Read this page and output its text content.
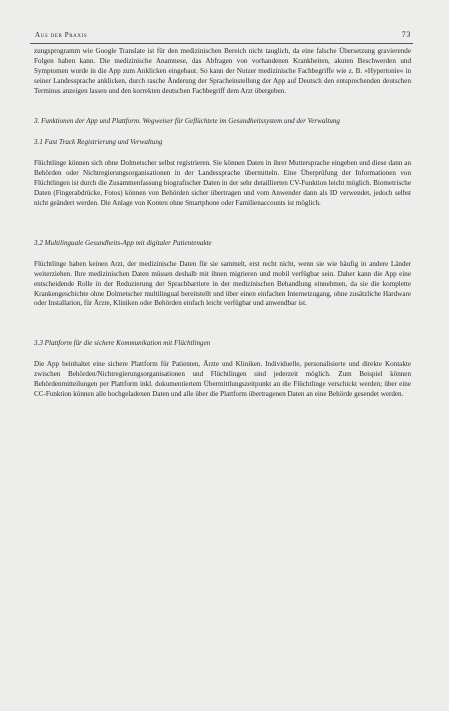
Aus der Praxis	73

zungsprogramm wie Google Translate ist für den medizinischen Bereich nicht tauglich, da eine falsche Übersetzung gravierende Folgen haben kann. Die medizinische Anamnese, das Abfragen von vorhandenen Krankheiten, akuten Beschwerden und Symptomen wurde in die App zum Anklicken eingebaut. So kann der Nutzer medizinische Fachbegriffe wie z. B. »Hypertonie« in seiner Landessprache anklicken, durch rasche Änderung der Spracheinstellung der App auf Deutsch den entsprechenden deutschen Terminus anzeigen lassen und den korrekten deutschen Fachbegriff dem Arzt übergeben.

3. Funktionen der App und Plattform. Wegweiser für Geflüchtete im Gesundheitssystem und der Verwaltung

3.1 Fast Track Registrierung und Verwaltung

Flüchtlinge können sich ohne Dolmetscher selbst registrieren. Sie können Daten in ihrer Muttersprache eingeben und diese dann an Behörden oder Nichtregierungsorganisationen in der Landessprache übermitteln. Eine Überprüfung der Informationen von Flüchtlingen ist durch die Zusammenfassung biografischer Daten in der sehr detaillierten CV-Funktion leicht möglich. Biometrische Daten (Fingerabdrücke, Fotos) können von Behörden sicher übertragen und vom Anwender dann als ID verwendet, jedoch selbst nicht geändert werden. Die Anlage von Konten ohne Smartphone oder Familienaccounts ist möglich.

3.2 Multilinguale Gesundheits-App mit digitaler Patientenakte

Flüchtlinge haben keinen Arzt, der medizinische Daten für sie sammelt, erst recht nicht, wenn sie wie häufig in andere Länder weiterziehen. Ihre medizinischen Daten müssen deshalb mit ihnen migrieren und mobil verfügbar sein. Daher kann die App eine entscheidende Rolle in der Reduzierung der Sprachbarriere in der medizinischen Behandlung einnehmen, da sie die komplette Krankengeschichte ohne Dolmetscher multilingual bereitstellt und über einen einfachen Internetzugang, ohne zusätzliche Hardware oder Installation, für Ärzte, Kliniken oder Behörden einfach leicht verfügbar und anwendbar ist.

3.3 Plattform für die sichere Kommunikation mit Flüchtlingen

Die App beinhaltet eine sichere Plattform für Patienten, Ärzte und Kliniken. Individuelle, personalisierte und direkte Kontakte zwischen Behörden/Nichtregierungsorganisationen und Flüchtlingen sind jederzeit möglich. Zum Beispiel können Behördenmitteilungen per Plattform inkl. dokumentiertem Übermittlungszeitpunkt an die Flüchtlinge verschickt werden; über eine CC-Funktion können alle hochgeladenen Daten und alle über die Plattform übertragenen Daten an eine Behörde gesendet werden.
